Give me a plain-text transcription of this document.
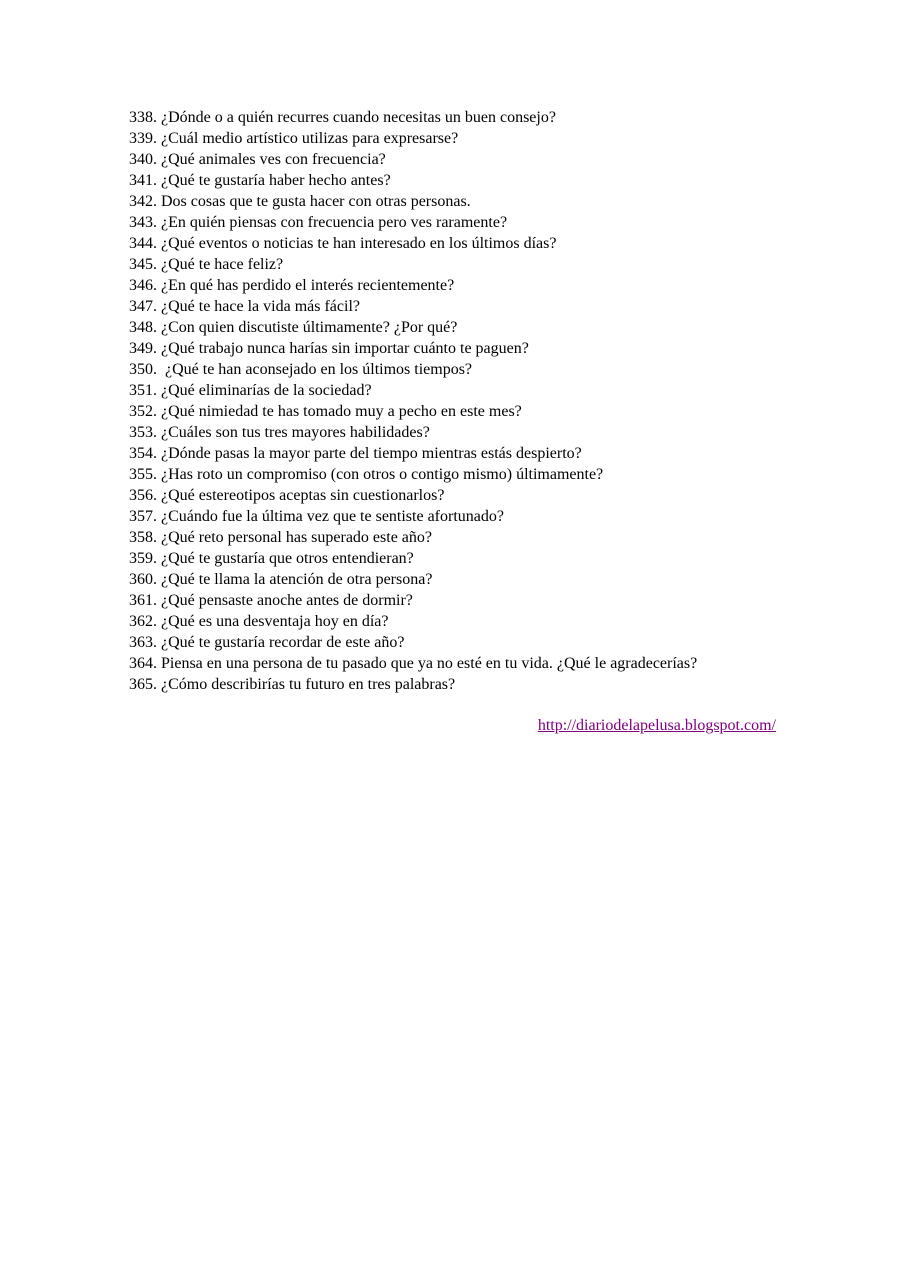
338. ¿Dónde o a quién recurres cuando necesitas un buen consejo?
339. ¿Cuál medio artístico utilizas para expresarse?
340. ¿Qué animales ves con frecuencia?
341. ¿Qué te gustaría haber hecho antes?
342. Dos cosas que te gusta hacer con otras personas.
343. ¿En quién piensas con frecuencia pero ves raramente?
344. ¿Qué eventos o noticias te han interesado en los últimos días?
345. ¿Qué te hace feliz?
346. ¿En qué has perdido el interés recientemente?
347. ¿Qué te hace la vida más fácil?
348. ¿Con quien discutiste últimamente? ¿Por qué?
349. ¿Qué trabajo nunca harías sin importar cuánto te paguen?
350.  ¿Qué te han aconsejado en los últimos tiempos?
351. ¿Qué eliminarías de la sociedad?
352. ¿Qué nimiedad te has tomado muy a pecho en este mes?
353. ¿Cuáles son tus tres mayores habilidades?
354. ¿Dónde pasas la mayor parte del tiempo mientras estás despierto?
355. ¿Has roto un compromiso (con otros o contigo mismo) últimamente?
356. ¿Qué estereotipos aceptas sin cuestionarlos?
357. ¿Cuándo fue la última vez que te sentiste afortunado?
358. ¿Qué reto personal has superado este año?
359. ¿Qué te gustaría que otros entendieran?
360. ¿Qué te llama la atención de otra persona?
361. ¿Qué pensaste anoche antes de dormir?
362. ¿Qué es una desventaja hoy en día?
363. ¿Qué te gustaría recordar de este año?
364. Piensa en una persona de tu pasado que ya no esté en tu vida. ¿Qué le agradecerías?
365. ¿Cómo describirías tu futuro en tres palabras?
http://diariodelapelusa.blogspot.com/
